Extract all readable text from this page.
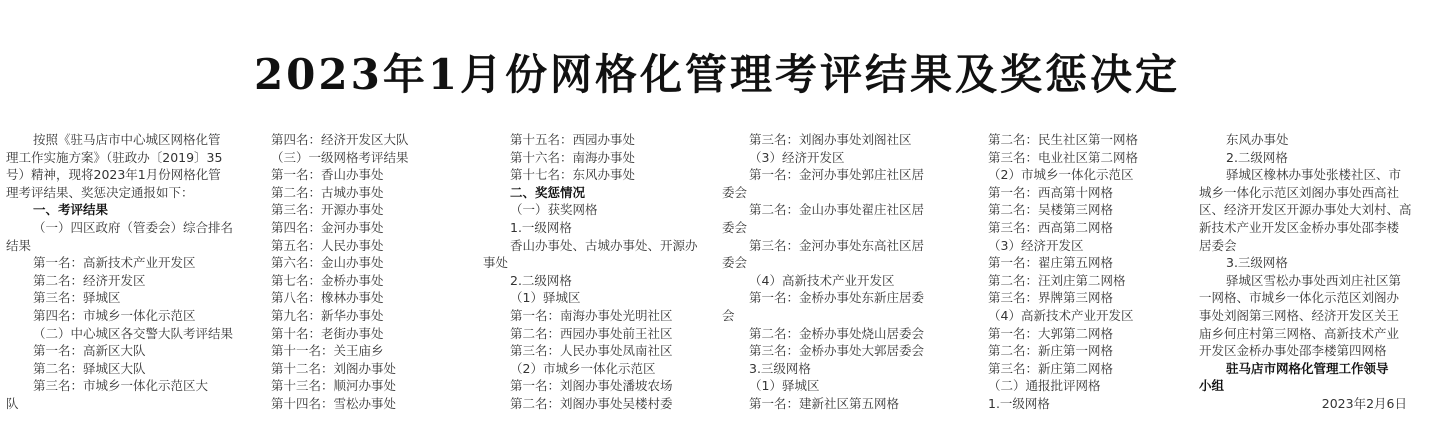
2023年1月份网格化管理考评结果及奖惩决定
按照《驻马店市中心城区网格化管
理工作实施方案》（驻政办〔2019〕35
号）精神，现将2023年1月份网格化管
理考评结果、奖惩决定通报如下：
一、考评结果
（一）四区政府（管委会）综合排名
结果
第一名：高新技术产业开发区
第二名：经济开发区
第三名：驿城区
第四名：市城乡一体化示范区
（二）中心城区各交警大队考评结果
第一名：高新区大队
第二名：驿城区大队
第三名：市城乡一体化示范区大
队
第四名：经济开发区大队
（三）一级网格考评结果
第一名：香山办事处
第二名：古城办事处
第三名：开源办事处
第四名：金河办事处
第五名：人民办事处
第六名：金山办事处
第七名：金桥办事处
第八名：橡林办事处
第九名：新华办事处
第十名：老街办事处
第十一名：关王庙乡
第十二名：刘阁办事处
第十三名：顺河办事处
第十四名：雪松办事处
第十五名：西园办事处
第十六名：南海办事处
第十七名：东风办事处
二、奖惩情况
（一）获奖网格
1.一级网格
香山办事处、古城办事处、开源办
事处
2.二级网格
（1）驿城区
第一名：南海办事处光明社区
第二名：西园办事处前王社区
第三名：人民办事处凤南社区
（2）市城乡一体化示范区
第一名：刘阁办事处潘坡农场
第二名：刘阁办事处吴楼村委
第三名：刘阁办事处刘阁社区
（3）经济开发区
第一名：金河办事处郭庄社区居
委会
第二名：金山办事处翟庄社区居
委会
第三名：金河办事处东高社区居
委会
（4）高新技术产业开发区
第一名：金桥办事处东新庄居委
会
第二名：金桥办事处烧山居委会
第三名：金桥办事处大郭居委会
3.三级网格
（1）驿城区
第一名：建新社区第五网格
第二名：民生社区第一网格
第三名：电业社区第二网格
（2）市城乡一体化示范区
第一名：西高第十网格
第二名：吴楼第三网格
第三名：西高第二网格
（3）经济开发区
第一名：翟庄第五网格
第二名：汪刘庄第二网格
第三名：界牌第三网格
（4）高新技术产业开发区
第一名：大郭第二网格
第二名：新庄第一网格
第三名：新庄第二网格
（二）通报批评网格
1.一级网格
东风办事处
2.二级网格
驿城区橡林办事处张楼社区、市
城乡一体化示范区刘阁办事处西高社
区、经济开发区开源办事处大刘村、高
新技术产业开发区金桥办事处邵李楼
居委会
3.三级网格
驿城区雪松办事处西刘庄社区第
一网格、市城乡一体化示范区刘阁办
事处刘阁第三网格、经济开发区关王
庙乡何庄村第三网格、高新技术产业
开发区金桥办事处邵李楼第四网格
驻马店市网格化管理工作领导
小组
2023年2月6日
